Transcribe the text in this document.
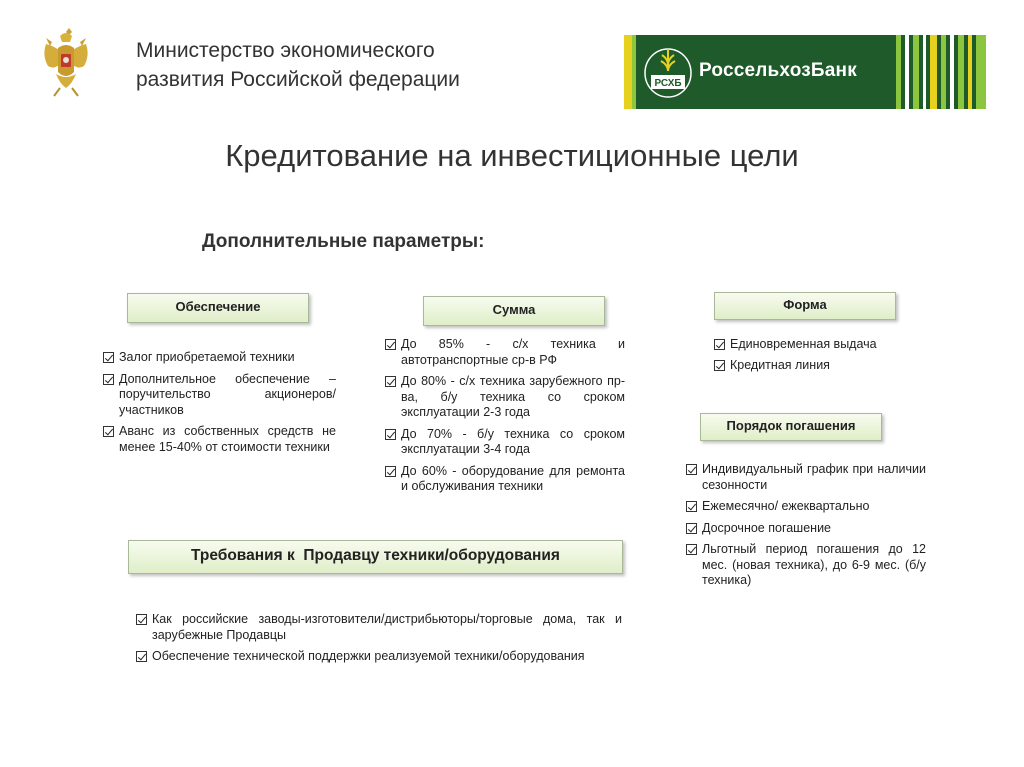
Министерство экономического
развития Российской федерации	РСХБ
РоссельхозБанк
Кредитование на инвестиционные цели
Дополнительные параметры:
Обеспечение
Залог приобретаемой техники
Дополнительное обеспечение – поручительство акционеров/участников
Аванс из собственных средств не менее 15-40% от стоимости техники
Сумма
До 85% - с/х техника и автотранспортные ср-в РФ
До 80% - с/х техника зарубежного пр-ва, б/у техника со сроком эксплуатации 2-3 года
До 70% - б/у техника со сроком эксплуатации 3-4 года
До 60% - оборудование для ремонта и обслуживания техники
Форма
Единовременная выдача
Кредитная линия
Порядок погашения
Индивидуальный график при наличии сезонности
Ежемесячно/ ежеквартально
Досрочное погашение
Льготный период погашения до 12 мес. (новая техника), до 6-9 мес. (б/у техника)
Требования к  Продавцу техники/оборудования
Как российские заводы-изготовители/дистрибьюторы/торговые дома, так и зарубежные Продавцы
Обеспечение технической поддержки реализуемой техники/оборудования
